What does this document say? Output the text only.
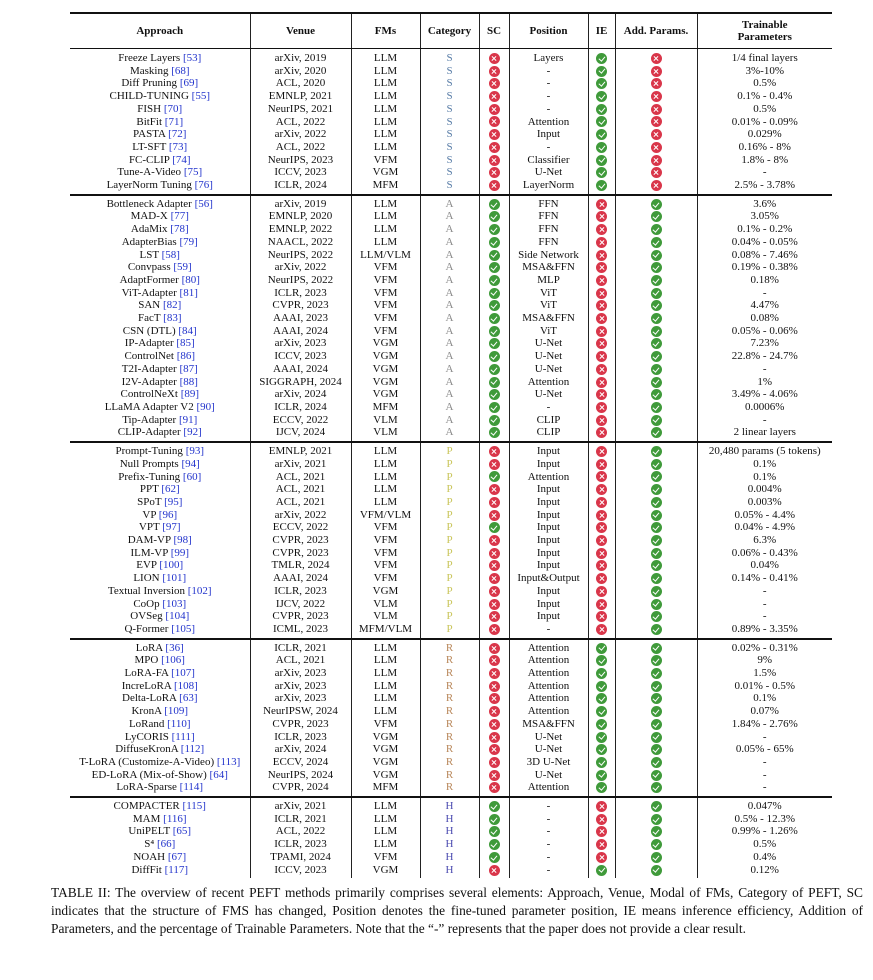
Approach	Venue	FMs	Category	SC	Position	IE	Add. Params.	Trainable Parameters
Freeze Layers [53]	arXiv, 2019	LLM	S		Layers			1/4 final layers
Masking [68]	arXiv, 2020	LLM	S		-			3%-10%
Diff Pruning [69]	ACL, 2020	LLM	S		-			0.5%
CHILD-TUNING [55]	EMNLP, 2021	LLM	S		-			0.1% - 0.4%
FISH [70]	NeurIPS, 2021	LLM	S		-			0.5%
BitFit [71]	ACL, 2022	LLM	S		Attention			0.01% - 0.09%
PASTA [72]	arXiv, 2022	LLM	S		Input			0.029%
LT-SFT [73]	ACL, 2022	LLM	S		-			0.16% - 8%
FC-CLIP [74]	NeurIPS, 2023	VFM	S		Classifier			1.8% - 8%
Tune-A-Video [75]	ICCV, 2023	VGM	S		U-Net			-
LayerNorm Tuning [76]	ICLR, 2024	MFM	S		LayerNorm			2.5% - 3.78%
Bottleneck Adapter [56]	arXiv, 2019	LLM	A		FFN			3.6%
MAD-X [77]	EMNLP, 2020	LLM	A		FFN			3.05%
AdaMix [78]	EMNLP, 2022	LLM	A		FFN			0.1% - 0.2%
AdapterBias [79]	NAACL, 2022	LLM	A		FFN			0.04% - 0.05%
LST [58]	NeurIPS, 2022	LLM/VLM	A		Side Network			0.08% - 7.46%
Convpass [59]	arXiv, 2022	VFM	A		MSA&FFN			0.19% - 0.38%
AdaptFormer [80]	NeurIPS, 2022	VFM	A		MLP			0.18%
ViT-Adapter [81]	ICLR, 2023	VFM	A		ViT			-
SAN [82]	CVPR, 2023	VFM	A		ViT			4.47%
FacT [83]	AAAI, 2023	VFM	A		MSA&FFN			0.08%
CSN (DTL) [84]	AAAI, 2024	VFM	A		ViT			0.05% - 0.06%
IP-Adapter [85]	arXiv, 2023	VGM	A		U-Net			7.23%
ControlNet [86]	ICCV, 2023	VGM	A		U-Net			22.8% - 24.7%
T2I-Adapter [87]	AAAI, 2024	VGM	A		U-Net			-
I2V-Adapter [88]	SIGGRAPH, 2024	VGM	A		Attention			1%
ControlNeXt [89]	arXiv, 2024	VGM	A		U-Net			3.49% - 4.06%
LLaMA Adapter V2 [90]	ICLR, 2024	MFM	A		-			0.0006%
Tip-Adapter [91]	ECCV, 2022	VLM	A		CLIP			-
CLIP-Adapter [92]	IJCV, 2024	VLM	A		CLIP			2 linear layers
Prompt-Tuning [93]	EMNLP, 2021	LLM	P		Input			20,480 params (5 tokens)
Null Prompts [94]	arXiv, 2021	LLM	P		Input			0.1%
Prefix-Tuning [60]	ACL, 2021	LLM	P		Attention			0.1%
PPT [62]	ACL, 2021	LLM	P		Input			0.004%
SPoT [95]	ACL, 2021	LLM	P		Input			0.003%
VP [96]	arXiv, 2022	VFM/VLM	P		Input			0.05% - 4.4%
VPT [97]	ECCV, 2022	VFM	P		Input			0.04% - 4.9%
DAM-VP [98]	CVPR, 2023	VFM	P		Input			6.3%
ILM-VP [99]	CVPR, 2023	VFM	P		Input			0.06% - 0.43%
EVP [100]	TMLR, 2024	VFM	P		Input			0.04%
LION [101]	AAAI, 2024	VFM	P		Input&Output			0.14% - 0.41%
Textual Inversion [102]	ICLR, 2023	VGM	P		Input			-
CoOp [103]	IJCV, 2022	VLM	P		Input			-
OVSeg [104]	CVPR, 2023	VLM	P		Input			-
Q-Former [105]	ICML, 2023	MFM/VLM	P		-			0.89% - 3.35%
LoRA [36]	ICLR, 2021	LLM	R		Attention			0.02% - 0.31%
MPO [106]	ACL, 2021	LLM	R		Attention			9%
LoRA-FA [107]	arXiv, 2023	LLM	R		Attention			1.5%
IncreLoRA [108]	arXiv, 2023	LLM	R		Attention			0.01% - 0.5%
Delta-LoRA [63]	arXiv, 2023	LLM	R		Attention			0.1%
KronA [109]	NeurIPSW, 2024	LLM	R		Attention			0.07%
LoRand [110]	CVPR, 2023	VFM	R		MSA&FFN			1.84% - 2.76%
LyCORIS [111]	ICLR, 2023	VGM	R		U-Net			-
DiffuseKronA [112]	arXiv, 2024	VGM	R		U-Net			0.05% - 65%
T-LoRA (Customize-A-Video) [113]	ECCV, 2024	VGM	R		3D U-Net			-
ED-LoRA (Mix-of-Show) [64]	NeurIPS, 2024	VGM	R		U-Net			-
LoRA-Sparse [114]	CVPR, 2024	MFM	R		Attention			-
COMPACTER [115]	arXiv, 2021	LLM	H		-			0.047%
MAM [116]	ICLR, 2021	LLM	H		-			0.5% - 12.3%
UniPELT [65]	ACL, 2022	LLM	H		-			0.99% - 1.26%
S⁴ [66]	ICLR, 2023	LLM	H		-			0.5%
NOAH [67]	TPAMI, 2024	VFM	H		-			0.4%
DiffFit [117]	ICCV, 2023	VGM	H		-			0.12%
TABLE II: The overview of recent PEFT methods primarily comprises several elements: Approach, Venue, Modal of FMs, Category of PEFT, SC indicates that the structure of FMS has changed, Position denotes the fine-tuned parameter position, IE means inference efficiency, Addition of Parameters, and the percentage of Trainable Parameters. Note that the “-” represents that the paper does not provide a clear result.
